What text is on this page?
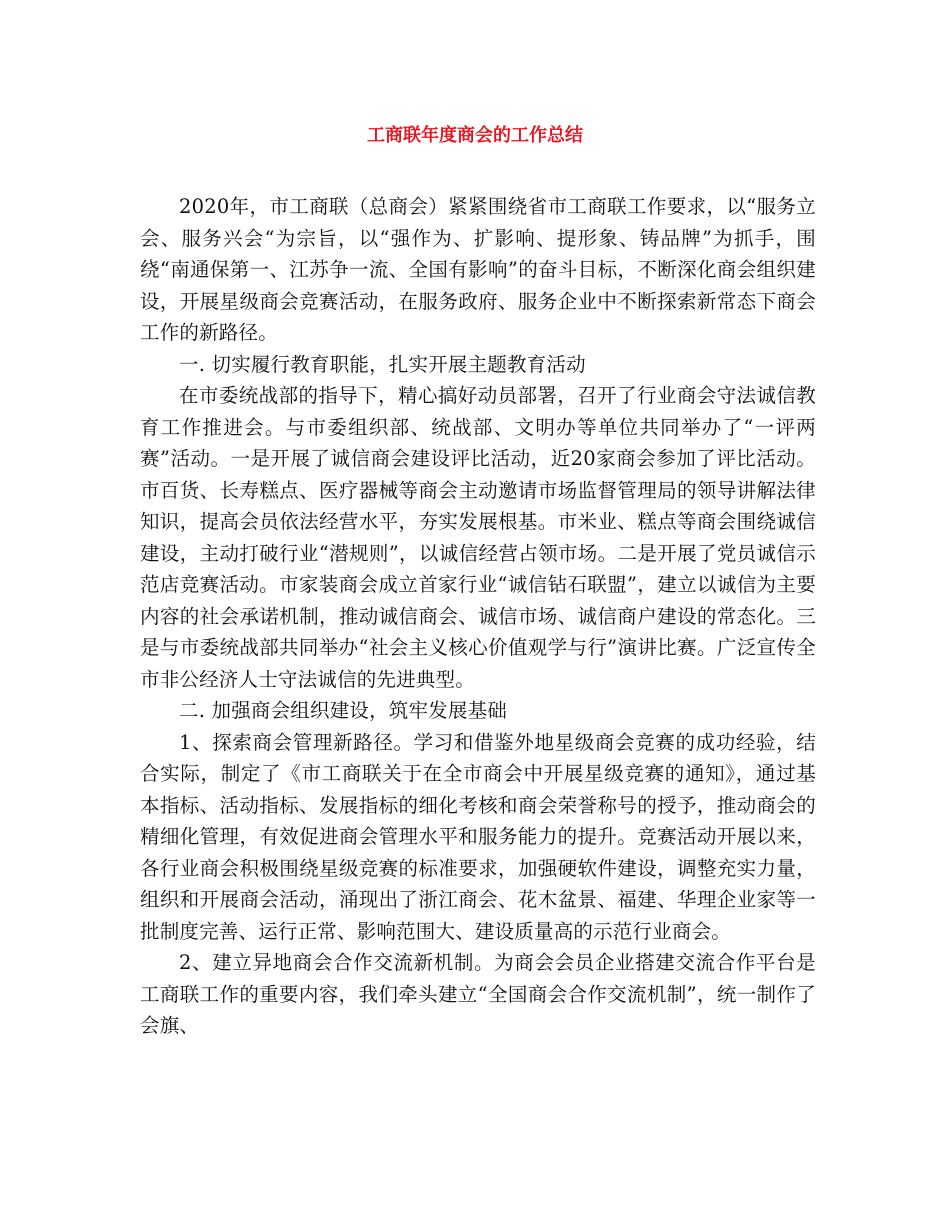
工商联年度商会的工作总结

2020年，市工商联（总商会）紧紧围绕省市工商联工作要求，以“服务立会、服务兴会“为宗旨，以“强作为、扩影响、提形象、铸品牌”为抓手，围绕“南通保第一、江苏争一流、全国有影响”的奋斗目标，不断深化商会组织建设，开展星级商会竞赛活动，在服务政府、服务企业中不断探索新常态下商会工作的新路径。

一. 切实履行教育职能，扎实开展主题教育活动

在市委统战部的指导下，精心搞好动员部署，召开了行业商会守法诚信教育工作推进会。与市委组织部、统战部、文明办等单位共同举办了“一评两赛”活动。一是开展了诚信商会建设评比活动，近20家商会参加了评比活动。市百货、长寿糕点、医疗器械等商会主动邀请市场监督管理局的领导讲解法律知识，提高会员依法经营水平，夯实发展根基。市米业、糕点等商会围绕诚信建设，主动打破行业“潜规则”，以诚信经营占领市场。二是开展了党员诚信示范店竞赛活动。市家装商会成立首家行业“诚信钻石联盟”，建立以诚信为主要内容的社会承诺机制，推动诚信商会、诚信市场、诚信商户建设的常态化。三是与市委统战部共同举办“社会主义核心价值观学与行”演讲比赛。广泛宣传全市非公经济人士守法诚信的先进典型。

二. 加强商会组织建设，筑牢发展基础

1、探索商会管理新路径。学习和借鉴外地星级商会竞赛的成功经验，结合实际，制定了《市工商联关于在全市商会中开展星级竞赛的通知》，通过基本指标、活动指标、发展指标的细化考核和商会荣誉称号的授予，推动商会的精细化管理，有效促进商会管理水平和服务能力的提升。竞赛活动开展以来，各行业商会积极围绕星级竞赛的标准要求，加强硬软件建设，调整充实力量，组织和开展商会活动，涌现出了浙江商会、花木盆景、福建、华理企业家等一批制度完善、运行正常、影响范围大、建设质量高的示范行业商会。

2、建立异地商会合作交流新机制。为商会会员企业搭建交流合作平台是工商联工作的重要内容，我们牵头建立“全国商会合作交流机制”，统一制作了会旗、
